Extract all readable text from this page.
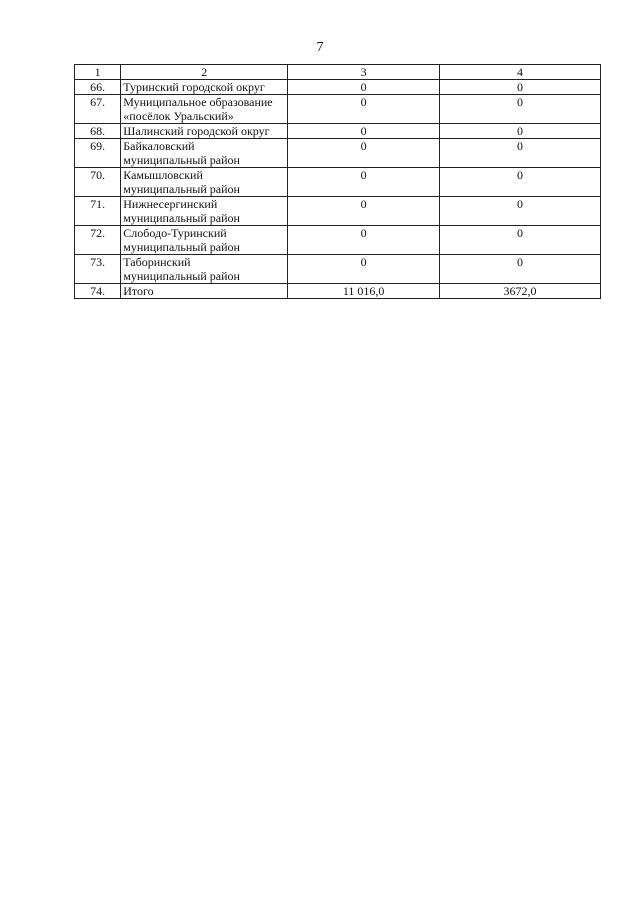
7
1	2	3	4
66.	Туринский городской округ	0	0
67.	Муниципальное образование
«посёлок Уральский»	0	0
68.	Шалинский городской округ	0	0
69.	Байкаловский
муниципальный район	0	0
70.	Камышловский
муниципальный район	0	0
71.	Нижнесергинский
муниципальный район	0	0
72.	Слободо-Туринский
муниципальный район	0	0
73.	Таборинский
муниципальный район	0	0
74.	Итого	11 016,0	3672,0
